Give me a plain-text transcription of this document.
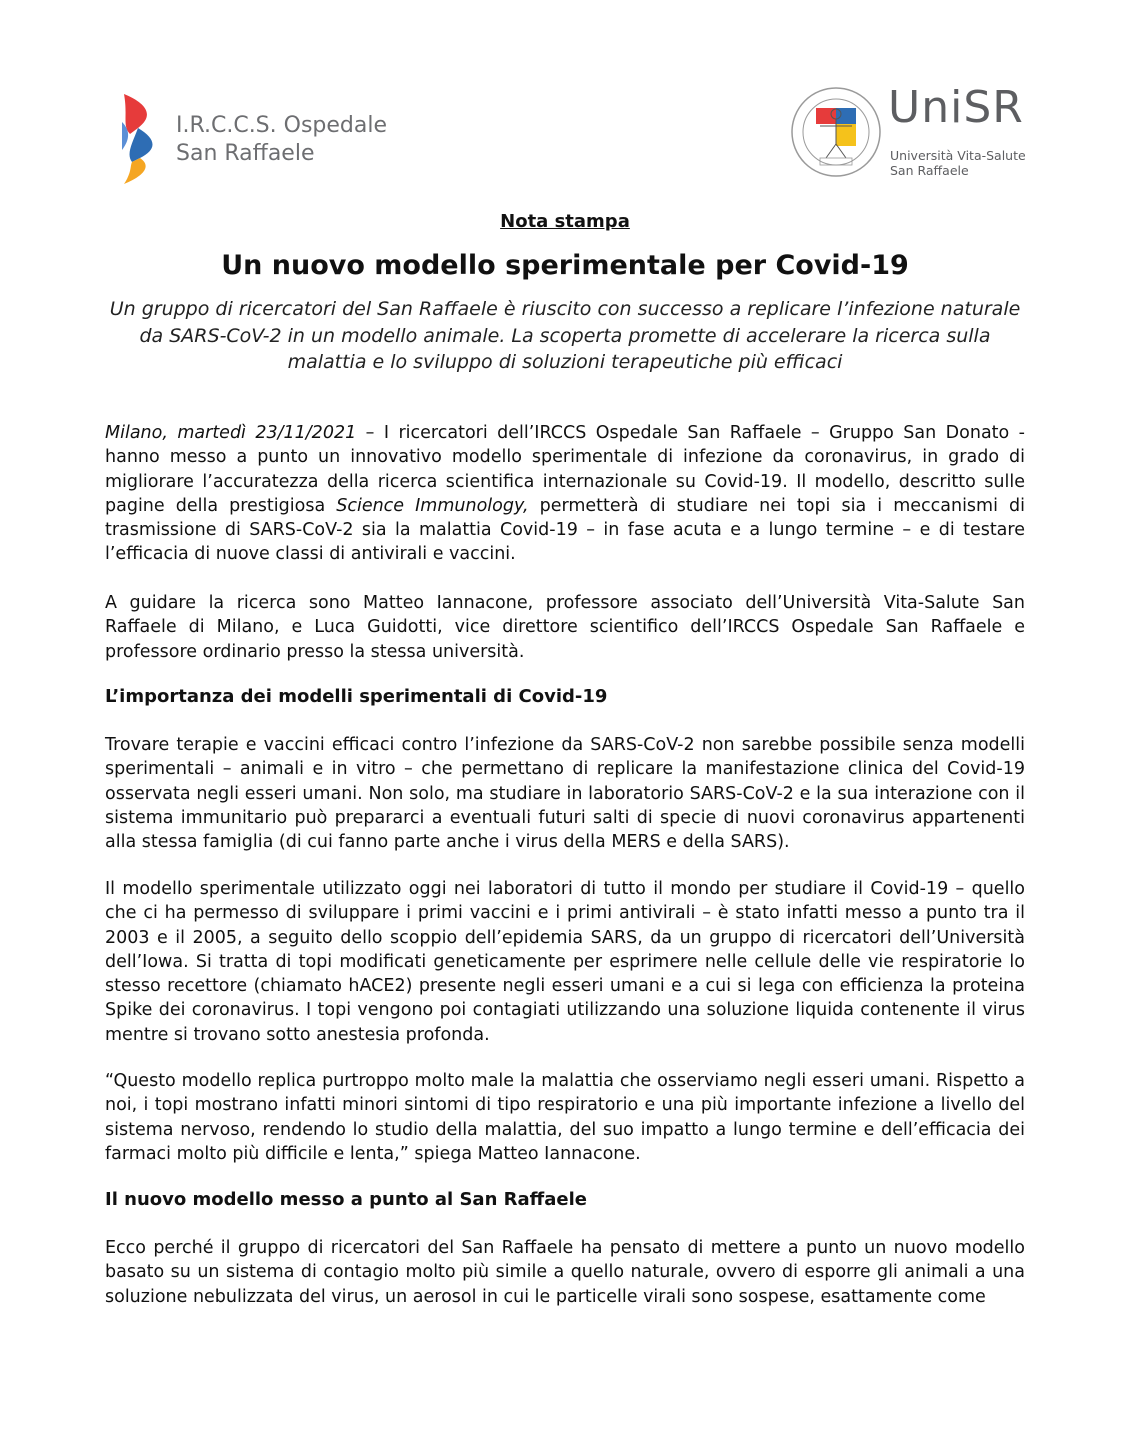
I.R.C.C.S. Ospedale
San Raffaele
UniSR
Università Vita-Salute
San Raffaele
Nota stampa
Un nuovo modello sperimentale per Covid-19
Un gruppo di ricercatori del San Raffaele è riuscito con successo a replicare l’infezione naturale da SARS-CoV-2 in un modello animale. La scoperta promette di accelerare la ricerca sulla malattia e lo sviluppo di soluzioni terapeutiche più efficaci

Milano, martedì 23/11/2021 – I ricercatori dell’IRCCS Ospedale San Raffaele – Gruppo San Donato - hanno messo a punto un innovativo modello sperimentale di infezione da coronavirus, in grado di migliorare l’accuratezza della ricerca scientifica internazionale su Covid-19. Il modello, descritto sulle pagine della prestigiosa Science Immunology, permetterà di studiare nei topi sia i meccanismi di trasmissione di SARS-CoV-2 sia la malattia Covid-19 – in fase acuta e a lungo termine – e di testare l’efficacia di nuove classi di antivirali e vaccini.

A guidare la ricerca sono Matteo Iannacone, professore associato dell’Università Vita-Salute San Raffaele di Milano, e Luca Guidotti, vice direttore scientifico dell’IRCCS Ospedale San Raffaele e professore ordinario presso la stessa università.

L’importanza dei modelli sperimentali di Covid-19

Trovare terapie e vaccini efficaci contro l’infezione da SARS-CoV-2 non sarebbe possibile senza modelli sperimentali – animali e in vitro – che permettano di replicare la manifestazione clinica del Covid-19 osservata negli esseri umani. Non solo, ma studiare in laboratorio SARS-CoV-2 e la sua interazione con il sistema immunitario può prepararci a eventuali futuri salti di specie di nuovi coronavirus appartenenti alla stessa famiglia (di cui fanno parte anche i virus della MERS e della SARS).

Il modello sperimentale utilizzato oggi nei laboratori di tutto il mondo per studiare il Covid-19 – quello che ci ha permesso di sviluppare i primi vaccini e i primi antivirali – è stato infatti messo a punto tra il 2003 e il 2005, a seguito dello scoppio dell’epidemia SARS, da un gruppo di ricercatori dell’Università dell’Iowa. Si tratta di topi modificati geneticamente per esprimere nelle cellule delle vie respiratorie lo stesso recettore (chiamato hACE2) presente negli esseri umani e a cui si lega con efficienza la proteina Spike dei coronavirus. I topi vengono poi contagiati utilizzando una soluzione liquida contenente il virus mentre si trovano sotto anestesia profonda.

“Questo modello replica purtroppo molto male la malattia che osserviamo negli esseri umani. Rispetto a noi, i topi mostrano infatti minori sintomi di tipo respiratorio e una più importante infezione a livello del sistema nervoso, rendendo lo studio della malattia, del suo impatto a lungo termine e dell’efficacia dei farmaci molto più difficile e lenta,” spiega Matteo Iannacone.

Il nuovo modello messo a punto al San Raffaele

Ecco perché il gruppo di ricercatori del San Raffaele ha pensato di mettere a punto un nuovo modello basato su un sistema di contagio molto più simile a quello naturale, ovvero di esporre gli animali a una soluzione nebulizzata del virus, un aerosol in cui le particelle virali sono sospese, esattamente come
